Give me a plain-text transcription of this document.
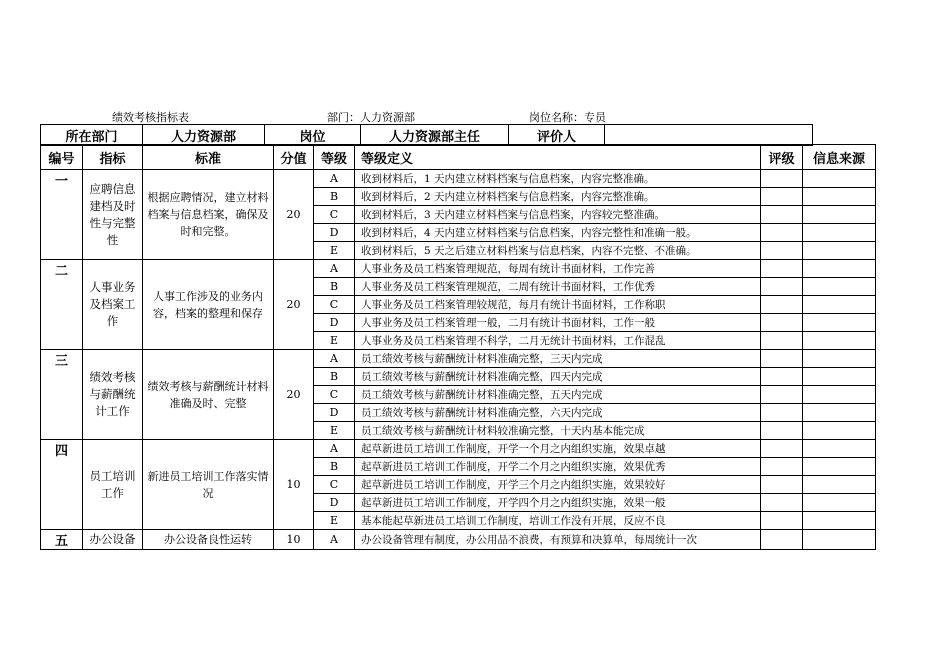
绩效考核指标表	部门：人力资源部	岗位名称：专员
所在部门	人力资源部	岗位	人力资源部主任	评价人	
编号	指标	标准	分值	等级	等级定义	评级	信息来源
一	应聘信息建档及时性与完整性	根据应聘情况，建立材料档案与信息档案，确保及时和完整。	20	A	收到材料后，1 天内建立材料档案与信息档案，内容完整准确。		
				B	收到材料后，2 天内建立材料档案与信息档案，内容完整准确。		
				C	收到材料后，3 天内建立材料档案与信息档案，内容较完整准确。		
				D	收到材料后，4 天内建立材料档案与信息档案，内容完整性和准确一般。		
				E	收到材料后，5 天之后建立材料档案与信息档案，内容不完整、不准确。		
二	人事业务及档案工作	人事工作涉及的业务内容，档案的整理和保存	20	A	人事业务及员工档案管理规范，每周有统计书面材料，工作完善		
				B	人事业务及员工档案管理规范，二周有统计书面材料，工作优秀		
				C	人事业务及员工档案管理较规范，每月有统计书面材料，工作称职		
				D	人事业务及员工档案管理一般，二月有统计书面材料，工作一般		
				E	人事业务及员工档案管理不科学，二月无统计书面材料，工作混乱		
三	绩效考核与薪酬统计工作	绩效考核与薪酬统计材料准确及时、完整	20	A	员工绩效考核与薪酬统计材料准确完整，三天内完成		
				B	员工绩效考核与薪酬统计材料准确完整，四天内完成		
				C	员工绩效考核与薪酬统计材料准确完整，五天内完成		
				D	员工绩效考核与薪酬统计材料准确完整，六天内完成		
				E	员工绩效考核与薪酬统计材料较准确完整，十天内基本能完成		
四	员工培训工作	新进员工培训工作落实情况	10	A	起草新进员工培训工作制度，开学一个月之内组织实施，效果卓越		
				B	起草新进员工培训工作制度，开学二个月之内组织实施，效果优秀		
				C	起草新进员工培训工作制度，开学三个月之内组织实施，效果较好		
				D	起草新进员工培训工作制度，开学四个月之内组织实施，效果一般		
				E	基本能起草新进员工培训工作制度，培训工作没有开展，反应不良		
五	办公设备	办公设备良性运转	10	A	办公设备管理有制度，办公用品不浪费，有预算和决算单，每周统计一次		
